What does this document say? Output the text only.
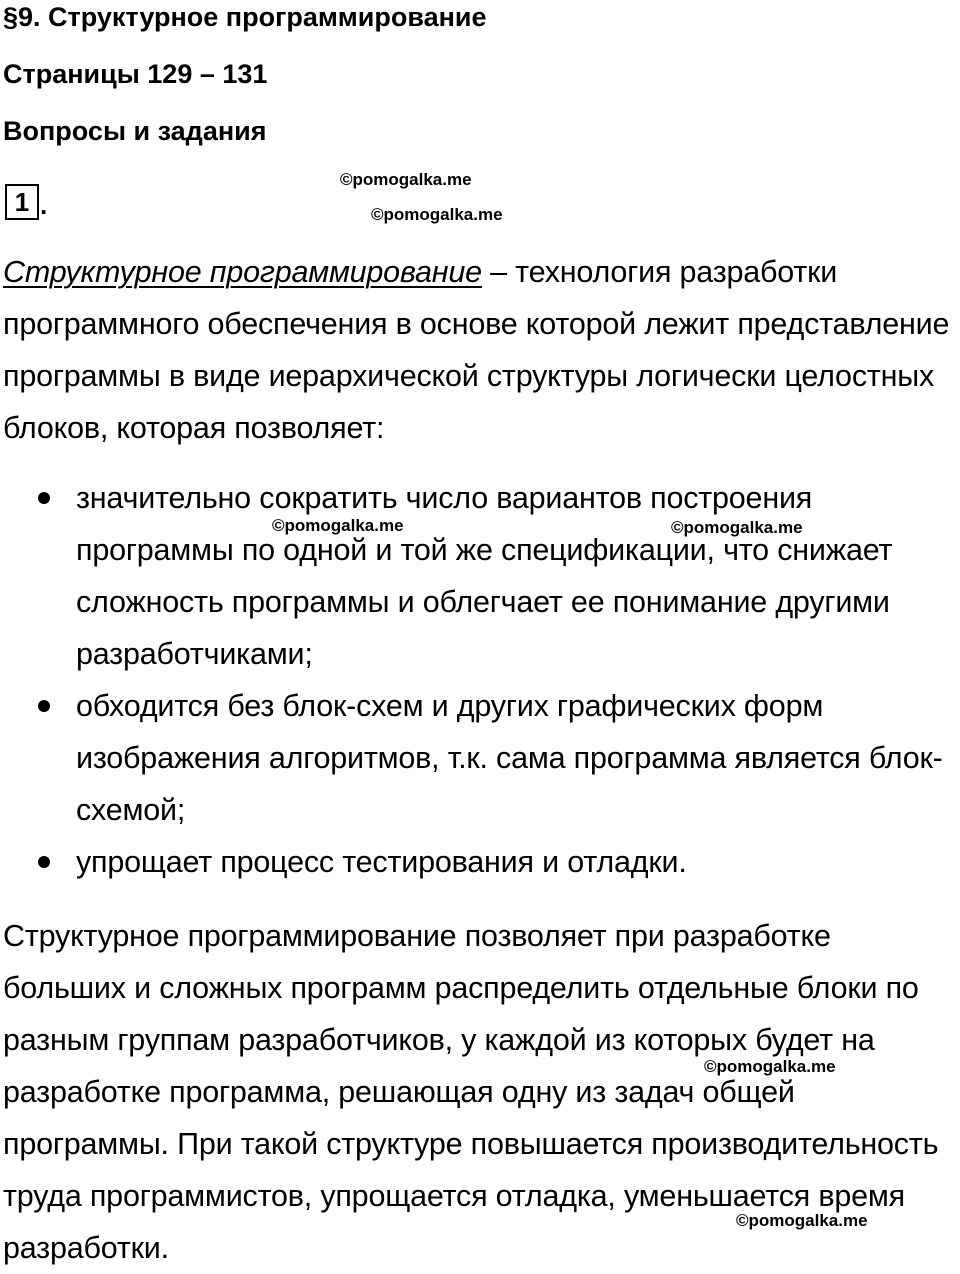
§9. Структурное программирование
Страницы 129 – 131
Вопросы и задания
1 .
©pomogalka.me
©pomogalka.me

Структурное программирование – технология разработки программного обеспечения в основе которой лежит представление программы в виде иерархической структуры логически целостных блоков, которая позволяет:

значительно сократить число вариантов построения программы по одной и той же спецификации, что снижает сложность программы и облегчает ее понимание другими разработчиками;
обходится без блок-схем и других графических форм изображения алгоритмов, т.к. сама программа является блок-схемой;
упрощает процесс тестирования и отладки.
©pomogalka.me	©pomogalka.me

Структурное программирование позволяет при разработке больших и сложных программ распределить отдельные блоки по разным группам разработчиков, у каждой из которых будет на разработке программа, решающая одну из задач общей программы. При такой структуре повышается производительность труда программистов, упрощается отладка, уменьшается время разработки.

©pomogalka.me
©pomogalka.me
